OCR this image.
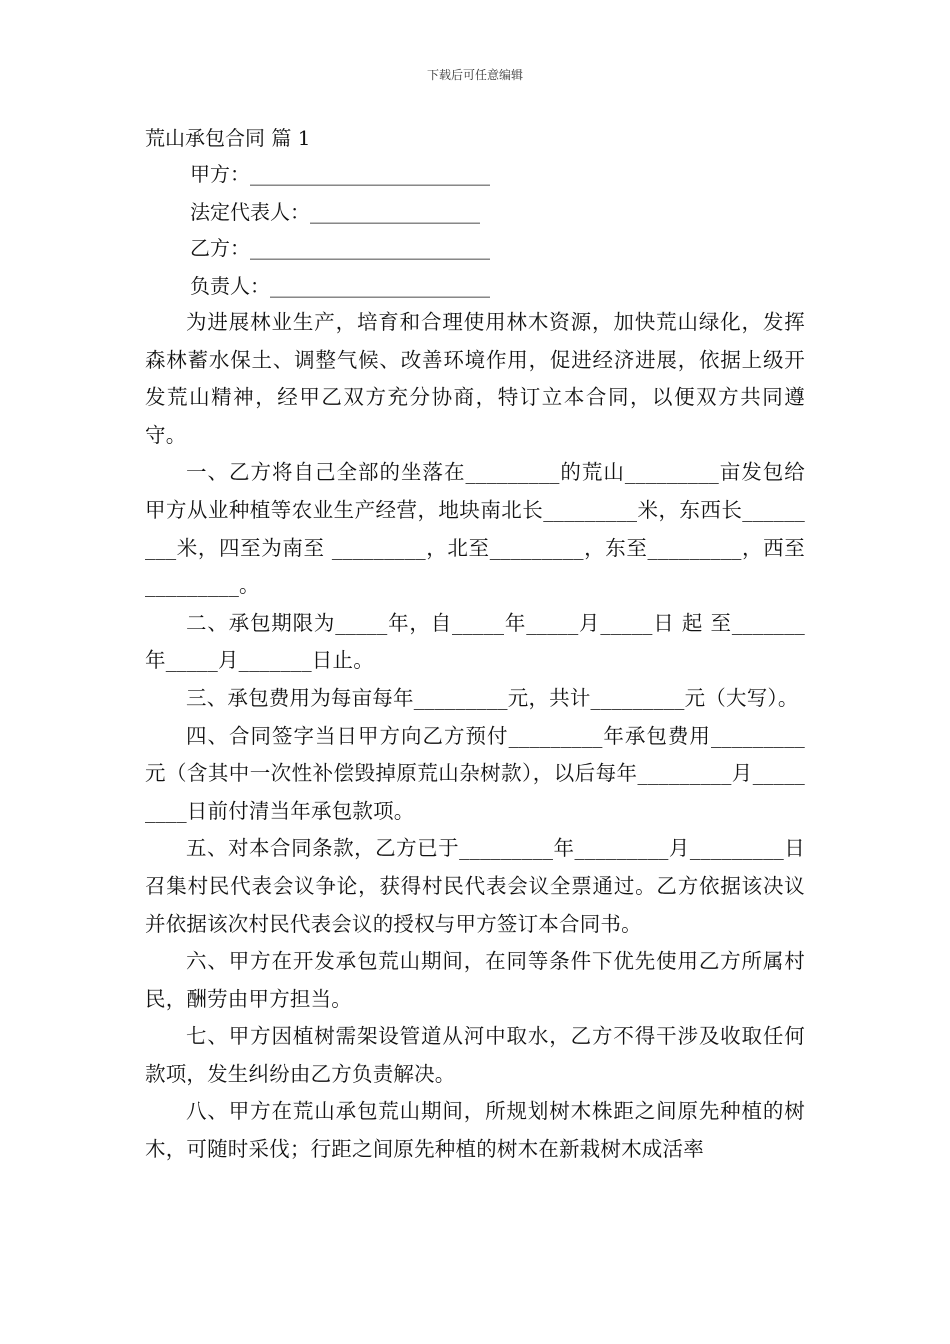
下载后可任意编辑
荒山承包合同 篇 1
甲方：________________________
法定代表人：_________________
乙方：________________________
负责人：______________________

为进展林业生产，培育和合理使用林木资源，加快荒山绿化，发挥森林蓄水保土、调整气候、改善环境作用，促进经济进展，依据上级开发荒山精神，经甲乙双方充分协商，特订立本合同，以便双方共同遵守。

一、乙方将自己全部的坐落在_________的荒山_________亩发包给甲方从业种植等农业生产经营，地块南北长_________米，东西长_________米，四至为南至 _________，北至_________，东至_________，西至_________。

二、承包期限为_____年，自_____年_____月_____日 起 至_______年_____月_______日止。

三、承包费用为每亩每年_________元，共计_________元（大写）。

四、合同签字当日甲方向乙方预付_________年承包费用_________元（含其中一次性补偿毁掉原荒山杂树款），以后每年_________月_________日前付清当年承包款项。

五、对本合同条款，乙方已于_________年_________月_________日召集村民代表会议争论，获得村民代表会议全票通过。乙方依据该决议并依据该次村民代表会议的授权与甲方签订本合同书。

六、甲方在开发承包荒山期间，在同等条件下优先使用乙方所属村民，酬劳由甲方担当。

七、甲方因植树需架设管道从河中取水，乙方不得干涉及收取任何款项，发生纠纷由乙方负责解决。

八、甲方在荒山承包荒山期间，所规划树木株距之间原先种植的树木，可随时采伐；行距之间原先种植的树木在新栽树木成活率
